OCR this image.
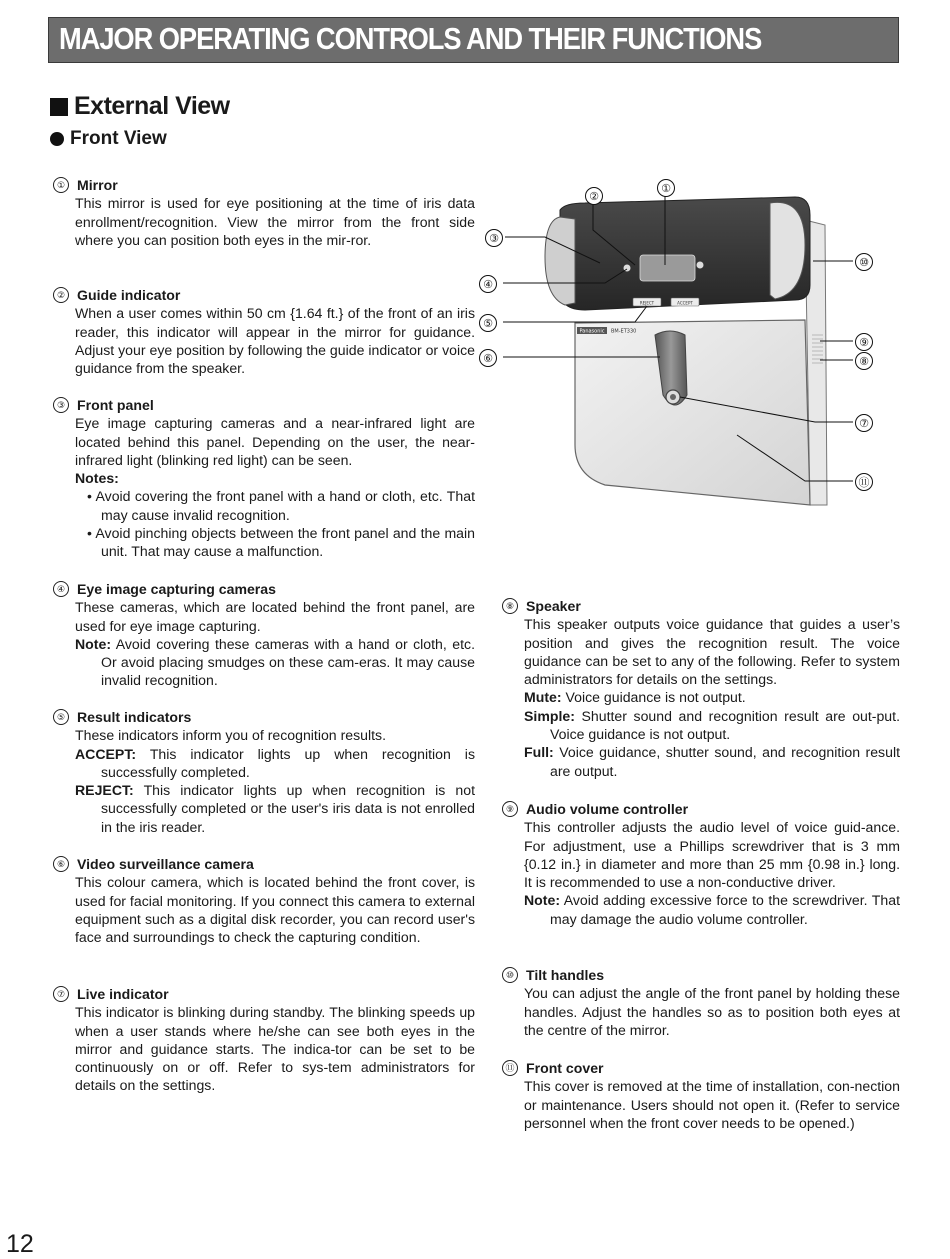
MAJOR OPERATING CONTROLS AND THEIR FUNCTIONS
External View
Front View
① Mirror
This mirror is used for eye positioning at the time of iris data enrollment/recognition. View the mirror from the front side where you can position both eyes in the mir-ror.
② Guide indicator
When a user comes within 50 cm {1.64 ft.} of the front of an iris reader, this indicator will appear in the mirror for guidance. Adjust your eye position by following the guide indicator or voice guidance from the speaker.
③ Front panel
Eye image capturing cameras and a near-infrared light are located behind this panel. Depending on the user, the near-infrared light (blinking red light) can be seen.
Notes:
• Avoid covering the front panel with a hand or cloth, etc. That may cause invalid recognition.
• Avoid pinching objects between the front panel and the main unit. That may cause a malfunction.
④ Eye image capturing cameras
These cameras, which are located behind the front panel, are used for eye image capturing.
Note: Avoid covering these cameras with a hand or cloth, etc. Or avoid placing smudges on these cam-eras. It may cause invalid recognition.
⑤ Result indicators
These indicators inform you of recognition results.
ACCEPT: This indicator lights up when recognition is successfully completed.
REJECT: This indicator lights up when recognition is not successfully completed or the user's iris data is not enrolled in the iris reader.
⑥ Video surveillance camera
This colour camera, which is located behind the front cover, is used for facial monitoring. If you connect this camera to external equipment such as a digital disk recorder, you can record user's face and surroundings to check the capturing condition.
⑦ Live indicator
This indicator is blinking during standby. The blinking speeds up when a user stands where he/she can see both eyes in the mirror and guidance starts. The indica-tor can be set to be continuously on or off. Refer to sys-tem administrators for details on the settings.
⑧ Speaker
This speaker outputs voice guidance that guides a user’s position and gives the recognition result. The voice guidance can be set to any of the following. Refer to system administrators for details on the settings.
Mute: Voice guidance is not output.
Simple: Shutter sound and recognition result are out-put. Voice guidance is not output.
Full: Voice guidance, shutter sound, and recognition result are output.
⑨ Audio volume controller
This controller adjusts the audio level of voice guid-ance. For adjustment, use a Phillips screwdriver that is 3 mm {0.12 in.} in diameter and more than 25 mm {0.98 in.} long. It is recommended to use a non-conductive driver.
Note: Avoid adding excessive force to the screwdriver. That may damage the audio volume controller.
⑩ Tilt handles
You can adjust the angle of the front panel by holding these handles. Adjust the handles so as to position both eyes at the centre of the mirror.
⑪ Front cover
This cover is removed at the time of installation, con-nection or maintenance. Users should not open it. (Refer to service personnel when the front cover needs to be opened.)
REJECT	ACCEPT
Panasonic BM-ET330
①
②
③
④
⑤
⑥
⑦
⑧
⑨
⑩
⑪
12
